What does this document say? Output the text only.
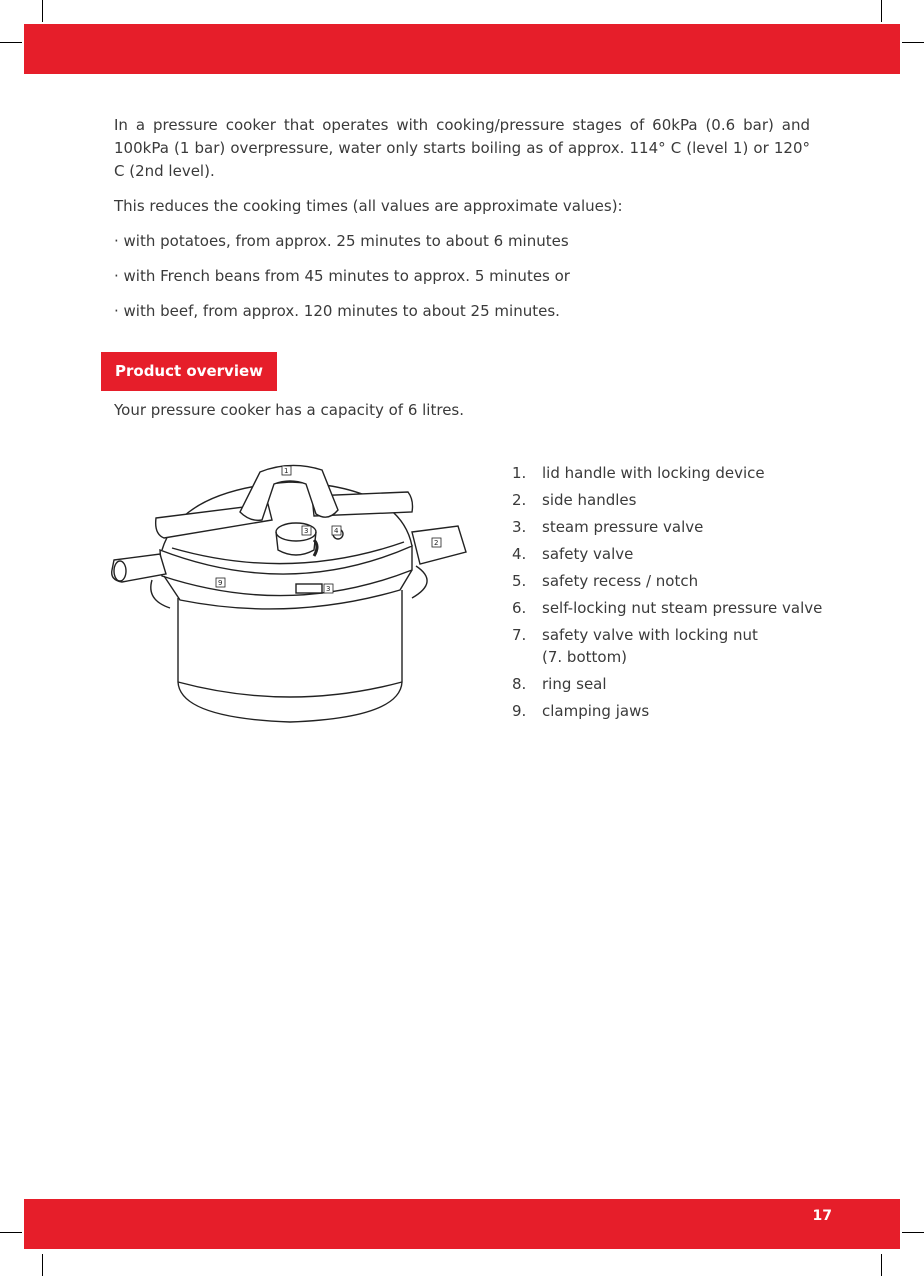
In a pressure cooker that operates with cooking/pressure stages of 60kPa (0.6 bar) and 100kPa (1 bar) overpressure, water only starts boiling as of approx. 114° C (level 1) or 120° C (2nd level).

This reduces the cooking times (all values are approximate values):

· with potatoes, from approx. 25 minutes to about 6 minutes

· with French beans from 45 minutes to approx. 5 minutes or

· with beef, from approx. 120 minutes to about 25 minutes.

Product overview
Your pressure cooker has a capacity of 6 litres.
1
2
3	4
3
9
1.	lid handle with locking device
2.	side handles
3.	steam pressure valve
4.	safety valve
5.	safety recess / notch
6.	self-locking nut steam pressure valve
7.	safety valve with locking nut
(7. bottom)
8.	ring seal
9.	clamping jaws
17
